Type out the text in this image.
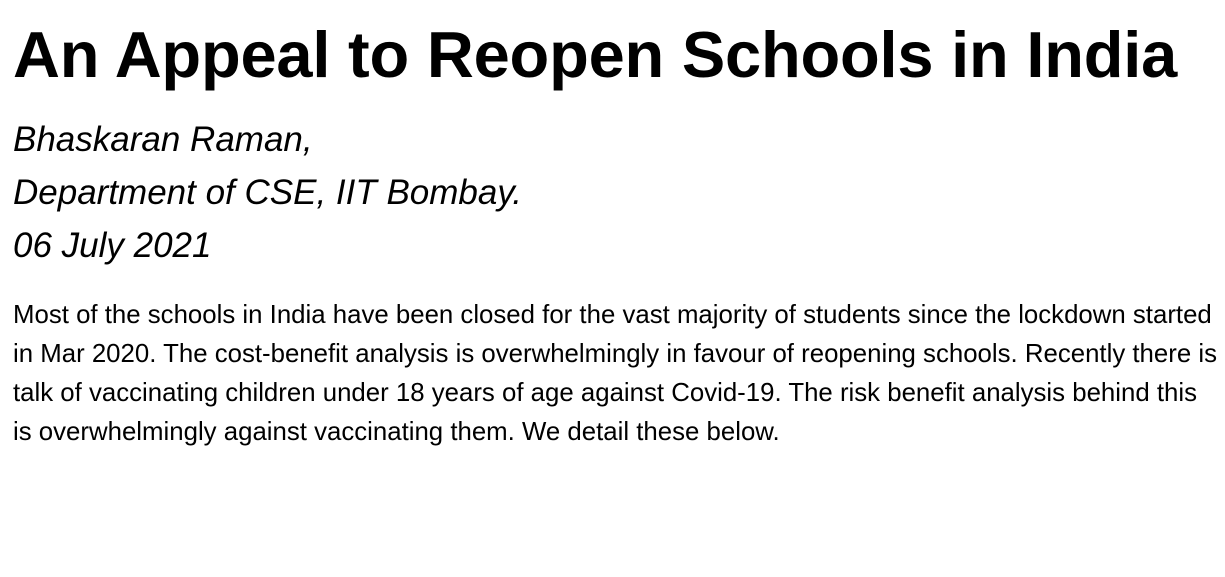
An Appeal to Reopen Schools in India
Bhaskaran Raman,
Department of CSE, IIT Bombay.
06 July 2021

Most of the schools in India have been closed for the vast majority of students since the lockdown started in Mar 2020. The cost-benefit analysis is overwhelmingly in favour of reopening schools. Recently there is talk of vaccinating children under 18 years of age against Covid-19. The risk benefit analysis behind this is overwhelmingly against vaccinating them. We detail these below.
